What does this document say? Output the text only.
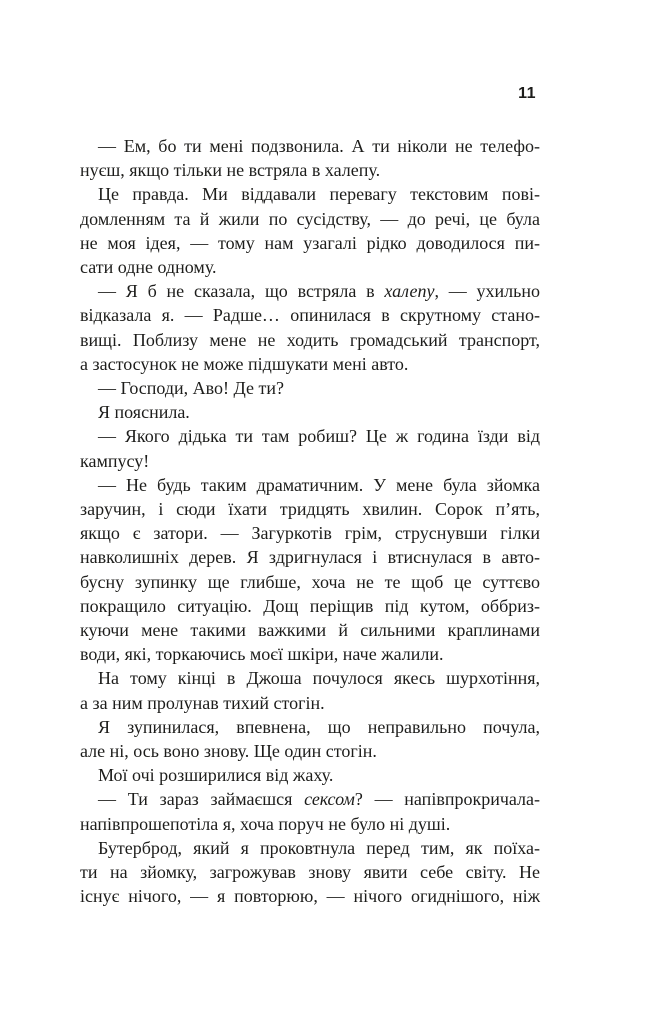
11

— Ем, бо ти мені подзвонила. А ти ніколи не телефо-
нуєш, якщо тільки не встряла в халепу.

Це правда. Ми віддавали перевагу текстовим пові-
домленням та й жили по сусідству, — до речі, це була
не моя ідея, — тому нам узагалі рідко доводилося пи-
сати одне одному.

— Я б не сказала, що встряла в халепу, — ухильно
відказала я. — Радше… опинилася в скрутному стано-
вищі. Поблизу мене не ходить громадський транспорт,
а застосунок не може підшукати мені авто.

— Господи, Аво! Де ти?

Я пояснила.

— Якого дідька ти там робиш? Це ж година їзди від
кампусу!

— Не будь таким драматичним. У мене була зйомка
заручин, і сюди їхати тридцять хвилин. Сорок п’ять,
якщо є затори. — Загуркотів грім, струснувши гілки
навколишніх дерев. Я здригнулася і втиснулася в авто-
бусну зупинку ще глибше, хоча не те щоб це суттєво
покращило ситуацію. Дощ періщив під кутом, оббриз-
куючи мене такими важкими й сильними краплинами
води, які, торкаючись моєї шкіри, наче жалили.

На тому кінці в Джоша почулося якесь шурхотіння,
а за ним пролунав тихий стогін.

Я зупинилася, впевнена, що неправильно почула,
але ні, ось воно знову. Ще один стогін.

Мої очі розширилися від жаху.

— Ти зараз займаєшся сексом? — напівпрокричала-
напівпрошепотіла я, хоча поруч не було ні душі.

Бутерброд, який я проковтнула перед тим, як поїха-
ти на зйомку, загрожував знову явити себе світу. Не
існує нічого, — я повторюю, — нічого огиднішого, ніж
